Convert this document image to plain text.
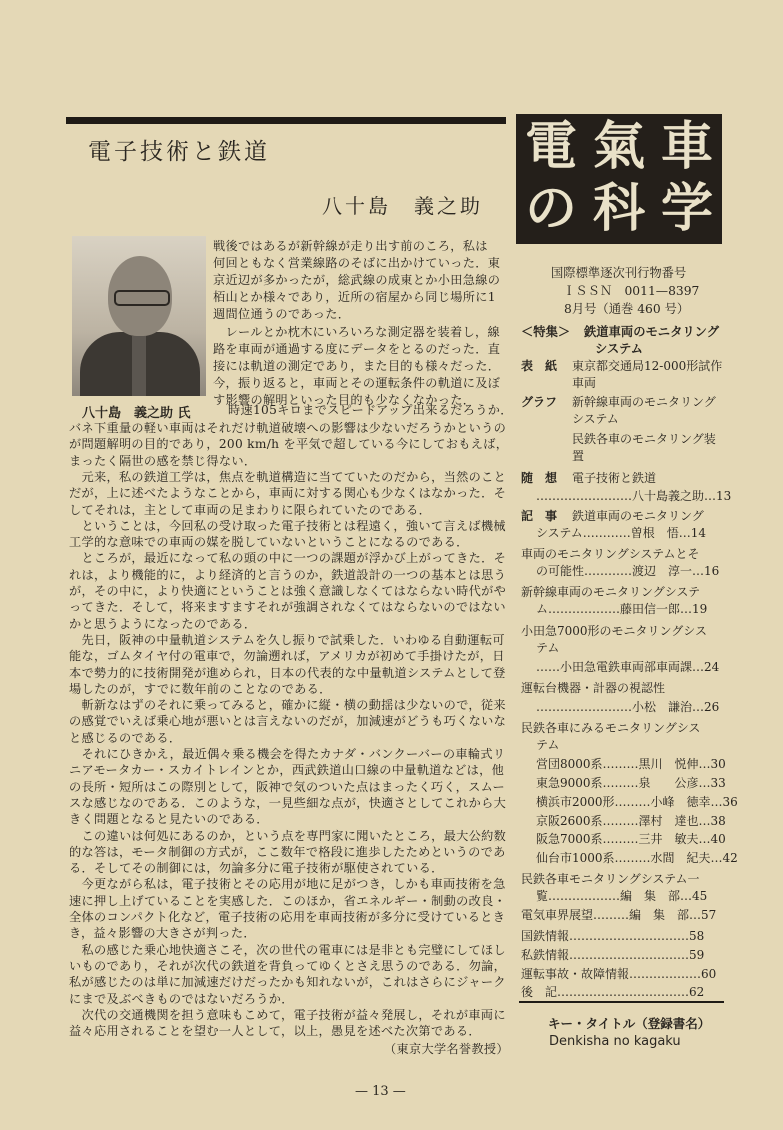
電子技術と鉄道
八十島　義之助
八十島　義之助 氏
戦後ではあるが新幹線が走り出す前のころ，私は
何回ともなく営業線路のそばに出かけていった．東
京近辺が多かったが，総武線の成東とか小田急線の
栢山とか様々であり，近所の宿屋から同じ場所に1
週間位通うのであった．
　レールとか枕木にいろいろな測定器を装着し，線
路を車両が通過する度にデータをとるのだった．直
接には軌道の測定であり，また目的も様々だった．
今，振り返ると，車両とその運転条件の軌道に及ぼ
す影響の解明といった目的も少なくなかった．
時速105キロまでスピードアップ出来るだろうか．
バネ下重量の軽い車両はそれだけ軌道破壊への影響は少ないだろうかというの
が問題解明の目的であり，200 km/h を平気で超している今にしておもえば，
まったく隔世の感を禁じ得ない．
　元来，私の鉄道工学は，焦点を軌道構造に当てていたのだから，当然のこと
だが，上に述べたようなことから，車両に対する関心も少なくはなかった．そ
してそれは，主として車両の足まわりに限られていたのである．
　ということは，今回私の受け取った電子技術とは程遠く，強いて言えば機械
工学的な意味での車両の媒を脱していないということになるのである．
　ところが，最近になって私の頭の中に一つの課題が浮かび上がってきた．そ
れは，より機能的に，より経済的と言うのか，鉄道設計の一つの基本とは思う
が，その中に，より快適にということは強く意識しなくてはならない時代がや
ってきた．そして，将来ますますそれが強調されなくてはならないのではない
かと思うようになったのである．
　先日，阪神の中量軌道システムを久し振りで試乗した．いわゆる自動運転可
能な，ゴムタイヤ付の電車で，勿論遡れば，アメリカが初めて手掛けたが，日
本で勢力的に技術開発が進められ，日本の代表的な中量軌道システムとして登
場したのが，すでに数年前のことなのである．
　斬新なはずのそれに乗ってみると，確かに縦・横の動揺は少ないので，従来
の感覚でいえば乗心地が悪いとは言えないのだが，加減速がどうも巧くないな
と感じるのである．
　それにひきかえ，最近偶々乗る機会を得たカナダ・バンクーバーの車輪式リ
ニアモータカー・スカイトレインとか，西武鉄道山口線の中量軌道などは，他
の長所・短所はこの際別として，阪神で気のついた点はまったく巧く，スムー
スな感じなのである．このような，一見些細な点が，快適さとしてこれから大
きく問題となると見たいのである．
　この違いは何処にあるのか，という点を専門家に聞いたところ，最大公約数
的な答は，モータ制御の方式が，ここ数年で格段に進歩したためというのであ
る．そしてその制御には，勿論多分に電子技術が駆使されている．
　今更ながら私は，電子技術とその応用が地に足がつき，しかも車両技術を急
速に押し上げていることを実感した．このほか，省エネルギー・制動の改良・
全体のコンパクト化など，電子技術の応用を車両技術が多分に受けているとき
き，益々影響の大きさが判った．
　私の感じた乗心地快適さこそ，次の世代の電車には是非とも完璧にしてほし
いものであり，それが次代の鉄道を背負ってゆくとさえ思うのである．勿論，
私が感じたのは単に加減速だけだったかも知れないが，これはさらにジャーク
にまで及ぶべきものではないだろうか．
　次代の交通機関を担う意味もこめて，電子技術が益々発展し，それが車両に
益々応用されることを望む一人として，以上，愚見を述べた次第である．
（東京大学名誉教授）
— 13 —
電 氣 車
の 科 学
国際標準逐次刊行物番号
ＩＳＳＮ　0011—8397
8月号（通巻 460 号）
＜特集＞ 鉄道車両のモニタリング
システム
表　紙 東京都交通局12-000形試作
車両
グラフ 新幹線車両のモニタリング
システム
民鉄各車のモニタリング装
置
随　想 電子技術と鉄道
……………………八十島義之助…13
記　事 鉄道車両のモニタリング
システム…………曽根　悟…14
車両のモニタリングシステムとそ
の可能性…………渡辺　淳一…16
新幹線車両のモニタリングシステ
ム………………藤田信一郎…19
小田急7000形のモニタリングシス
テム
……小田急電鉄車両部車両課…24
運転台機器・計器の視認性
……………………小松　謙治…26
民鉄各車にみるモニタリングシス
テム
営団8000系………黒川　悦伸…30
東急9000系………泉　　公彦…33
横浜市2000形………小峰　徳幸…36
京阪2600系………澤村　達也…38
阪急7000系………三井　敏夫…40
仙台市1000系………水間　紀夫…42
民鉄各車モニタリングシステム一
覧………………編　集　部…45
電気車界展望………編　集　部…57
国鉄情報…………………………58
私鉄情報…………………………59
運転事故・故障情報………………60
後　記……………………………62
キー・タイトル（登録書名）
Denkisha no kagaku
